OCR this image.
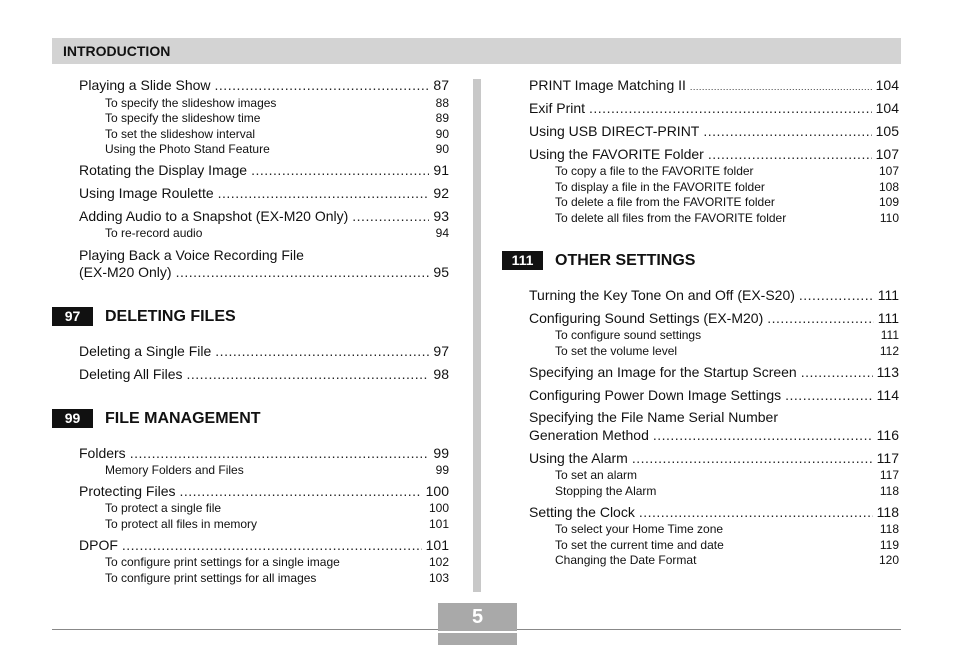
INTRODUCTION
Playing a Slide Show .....	87
To specify the slideshow images	88
To specify the slideshow time	89
To set the slideshow interval	90
Using the Photo Stand Feature	90
Rotating the Display Image .....	91
Using Image Roulette .....	92
Adding Audio to a Snapshot (EX-M20 Only) .....	93
To re-record audio	94
Playing Back a Voice Recording File
(EX-M20 Only) .....	95
97	DELETING FILES
Deleting a Single File .....	97
Deleting All Files .....	98
99	FILE MANAGEMENT
Folders .....	99
Memory Folders and Files	99
Protecting Files .....	100
To protect a single file	100
To protect all files in memory	101
DPOF .....	101
To configure print settings for a single image	102
To configure print settings for all images	103
PRINT Image Matching II .....	104
Exif Print .....	104
Using USB DIRECT-PRINT .....	105
Using the FAVORITE Folder .....	107
To copy a file to the FAVORITE folder	107
To display a file in the FAVORITE folder	108
To delete a file from the FAVORITE folder	109
To delete all files from the FAVORITE folder	110
111	OTHER SETTINGS
Turning the Key Tone On and Off (EX-S20) .....	111
Configuring Sound Settings (EX-M20) .....	111
To configure sound settings	111
To set the volume level	112
Specifying an Image for the Startup Screen .....	113
Configuring Power Down Image Settings .....	114
Specifying the File Name Serial Number
Generation Method .....	116
Using the Alarm .....	117
To set an alarm	117
Stopping the Alarm	118
Setting the Clock .....	118
To select your Home Time zone	118
To set the current time and date	119
Changing the Date Format	120
5
